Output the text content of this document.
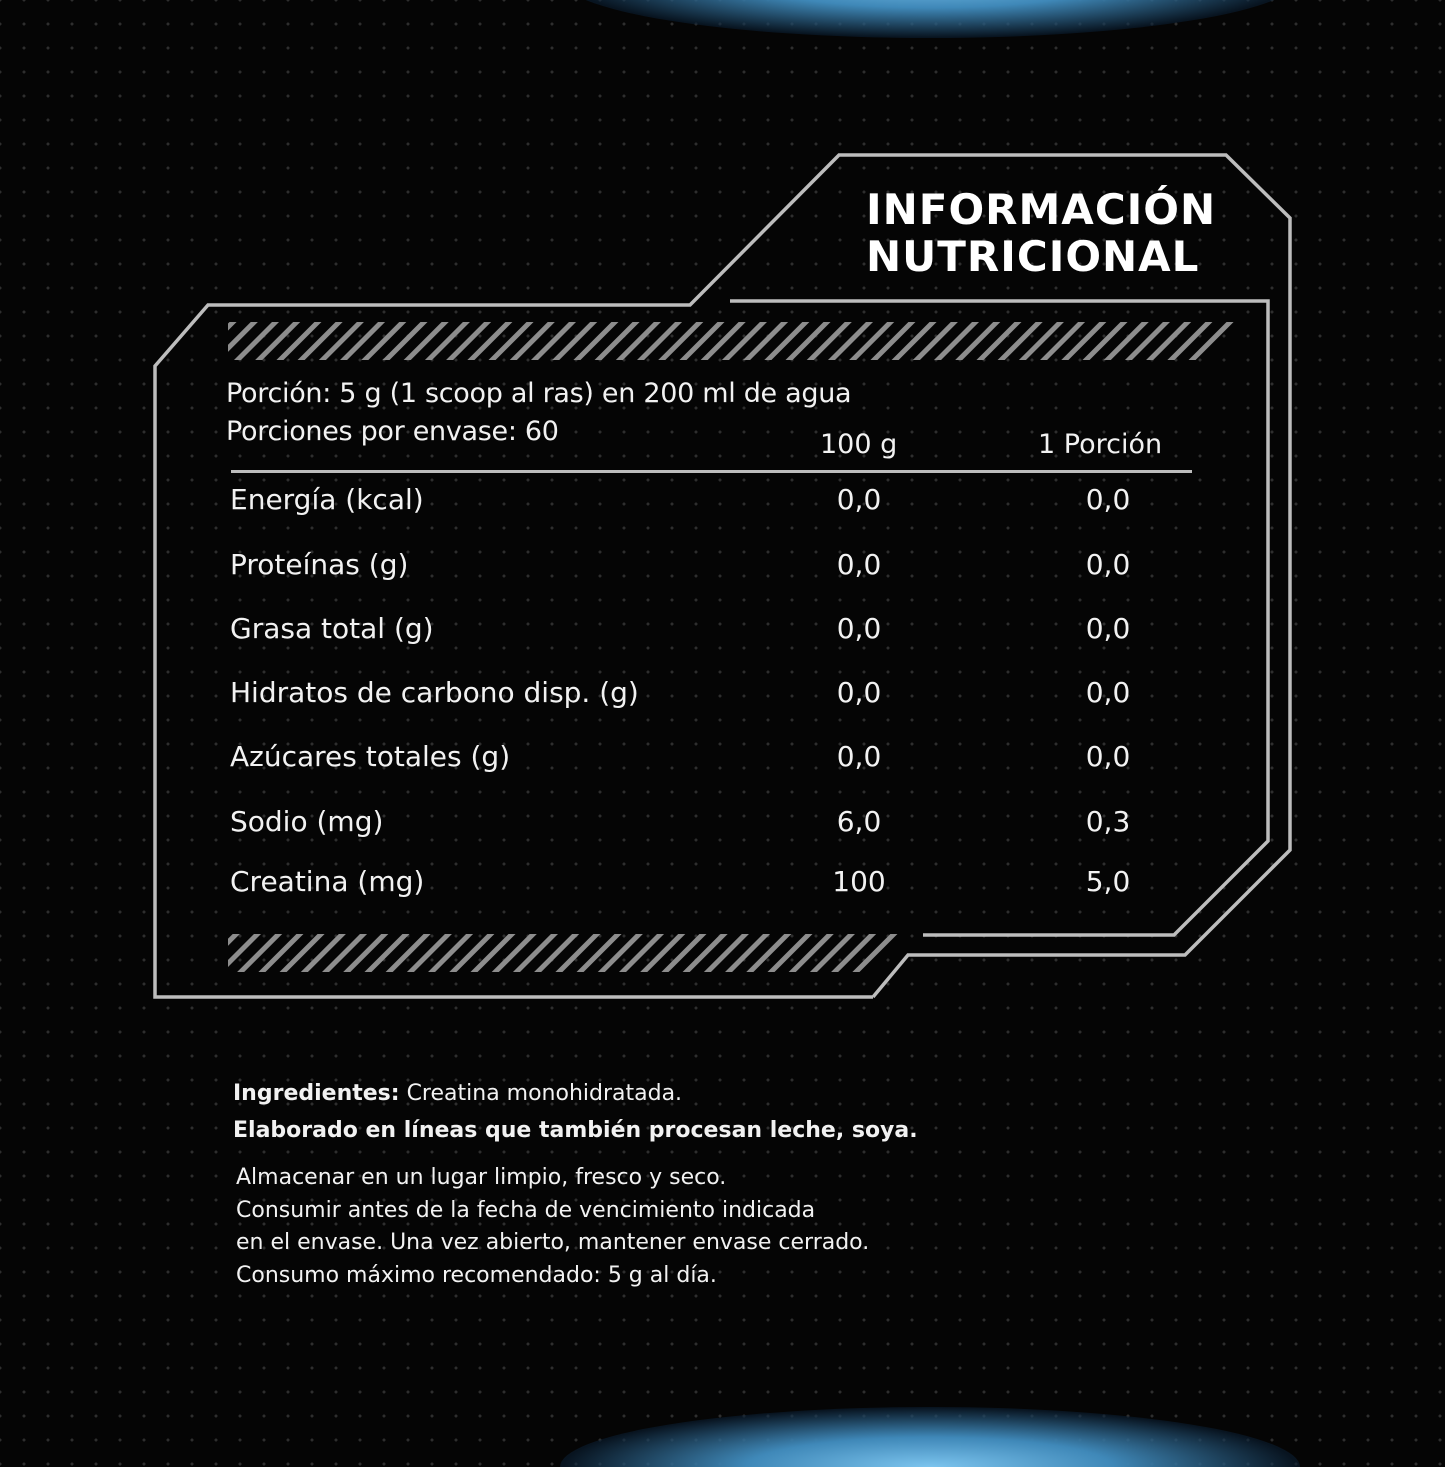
INFORMACIÓN
NUTRICIONAL
Porción: 5 g (1 scoop al ras) en 200 ml de agua
Porciones por envase: 60	100 g	1 Porción
Energía (kcal)	0,0	0,0
Proteínas (g)	0,0	0,0
Grasa total (g)	0,0	0,0
Hidratos de carbono disp. (g)	0,0	0,0
Azúcares totales (g)	0,0	0,0
Sodio (mg)	6,0	0,3
Creatina (mg)	100	5,0
Ingredientes: Creatina monohidratada.
Elaborado en líneas que también procesan leche, soya.
Almacenar en un lugar limpio, fresco y seco.
Consumir antes de la fecha de vencimiento indicada
en el envase. Una vez abierto, mantener envase cerrado.
Consumo máximo recomendado: 5 g al día.
